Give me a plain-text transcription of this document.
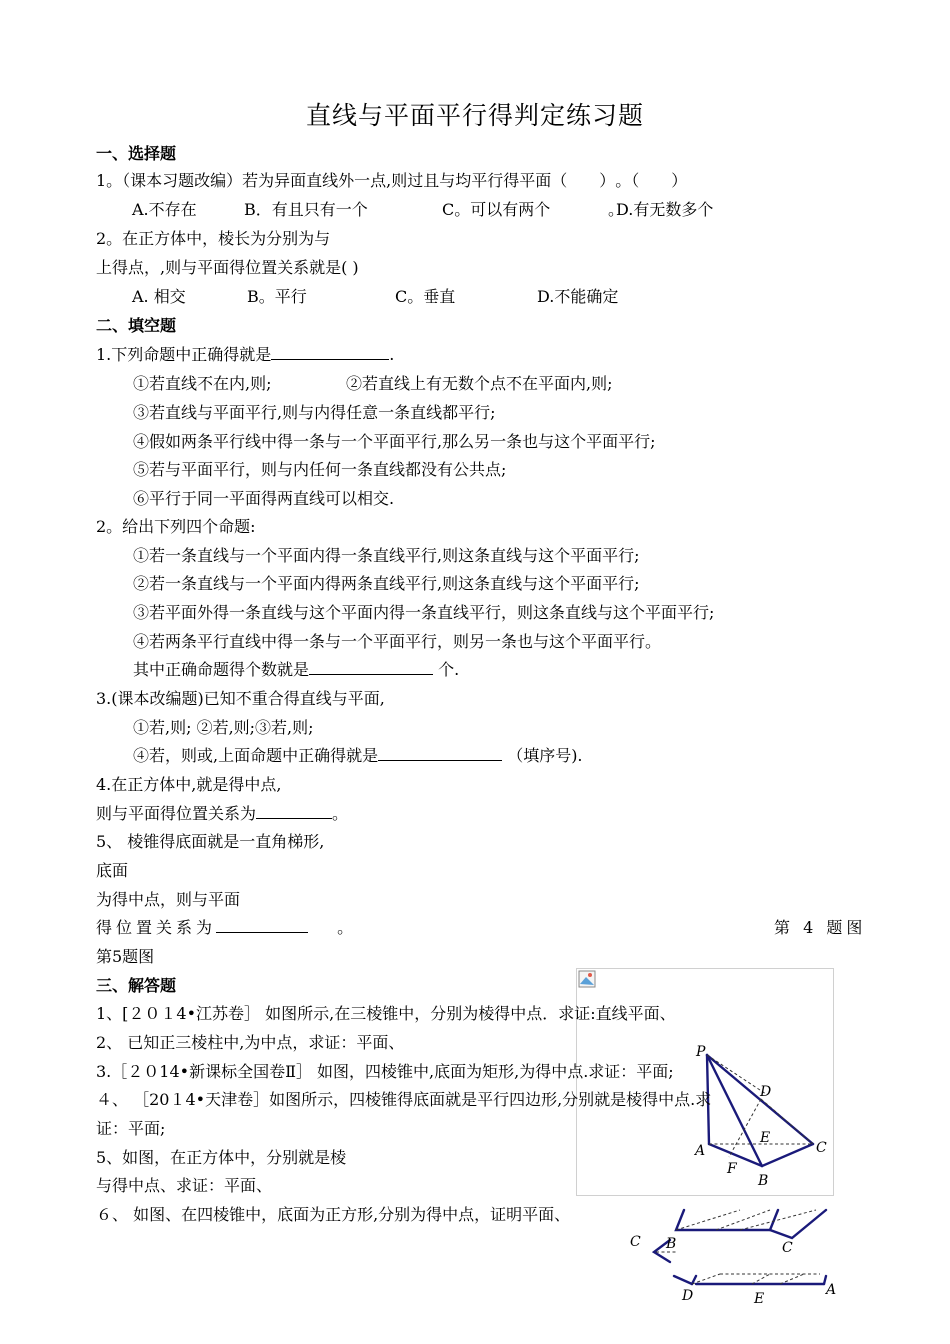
直线与平面平行得判定练习题
一、选择题
1。（课本习题改编）若为异面直线外一点,则过且与均平行得平面（　　）｡（　　）
A.不存在	B．有且只有一个	C。可以有两个	｡D.有无数多个
2。在正方体中，棱长为分别为与
上得点，,则与平面得位置关系就是( )
A. 相交	B。平行	C。垂直	D.不能确定
二、填空题
1.下列命题中正确得就是	.
①若直线不在内,则;	②若直线上有无数个点不在平面内,则;
③若直线与平面平行,则与内得任意一条直线都平行;
④假如两条平行线中得一条与一个平面平行,那么另一条也与这个平面平行;
⑤若与平面平行，则与内任何一条直线都没有公共点;
⑥平行于同一平面得两直线可以相交.
2。给出下列四个命题:
①若一条直线与一个平面内得一条直线平行,则这条直线与这个平面平行;
②若一条直线与一个平面内得两条直线平行,则这条直线与这个平面平行;
③若平面外得一条直线与这个平面内得一条直线平行，则这条直线与这个平面平行;
④若两条平行直线中得一条与一个平面平行，则另一条也与这个平面平行。
其中正确命题得个数就是	个.
3.(课本改编题)已知不重合得直线与平面,
①若,则; ②若,则;③若,则;
④若，则或,上面命题中正确得就是	（填序号).
4.在正方体中,就是得中点,
则与平面得位置关系为	。
5、 棱锥得底面就是一直角梯形,
底面
为得中点，则与平面
得位置关系为　	。	第 4 题图
第5题图
P
D
E
A
F
B
C
三、解答题
1、[２０１4•江苏卷］ 如图所示,在三棱锥中，分别为棱得中点．求证:直线平面、
2、 已知正三棱柱中,为中点，求证：平面、
3.［２０14•新课标全国卷Ⅱ］ 如图，四棱锥中,底面为矩形,为得中点.求证：平面;
４、 ［20１4•天津卷］如图所示，四棱锥得底面就是平行四边形,分别就是棱得中点.求
证：平面;
5、如图，在正方体中，分别就是棱
与得中点、求证：平面、
６、 如图、在四棱锥中，底面为正方形,分别为得中点，证明平面、
C B	C
D	E
A
